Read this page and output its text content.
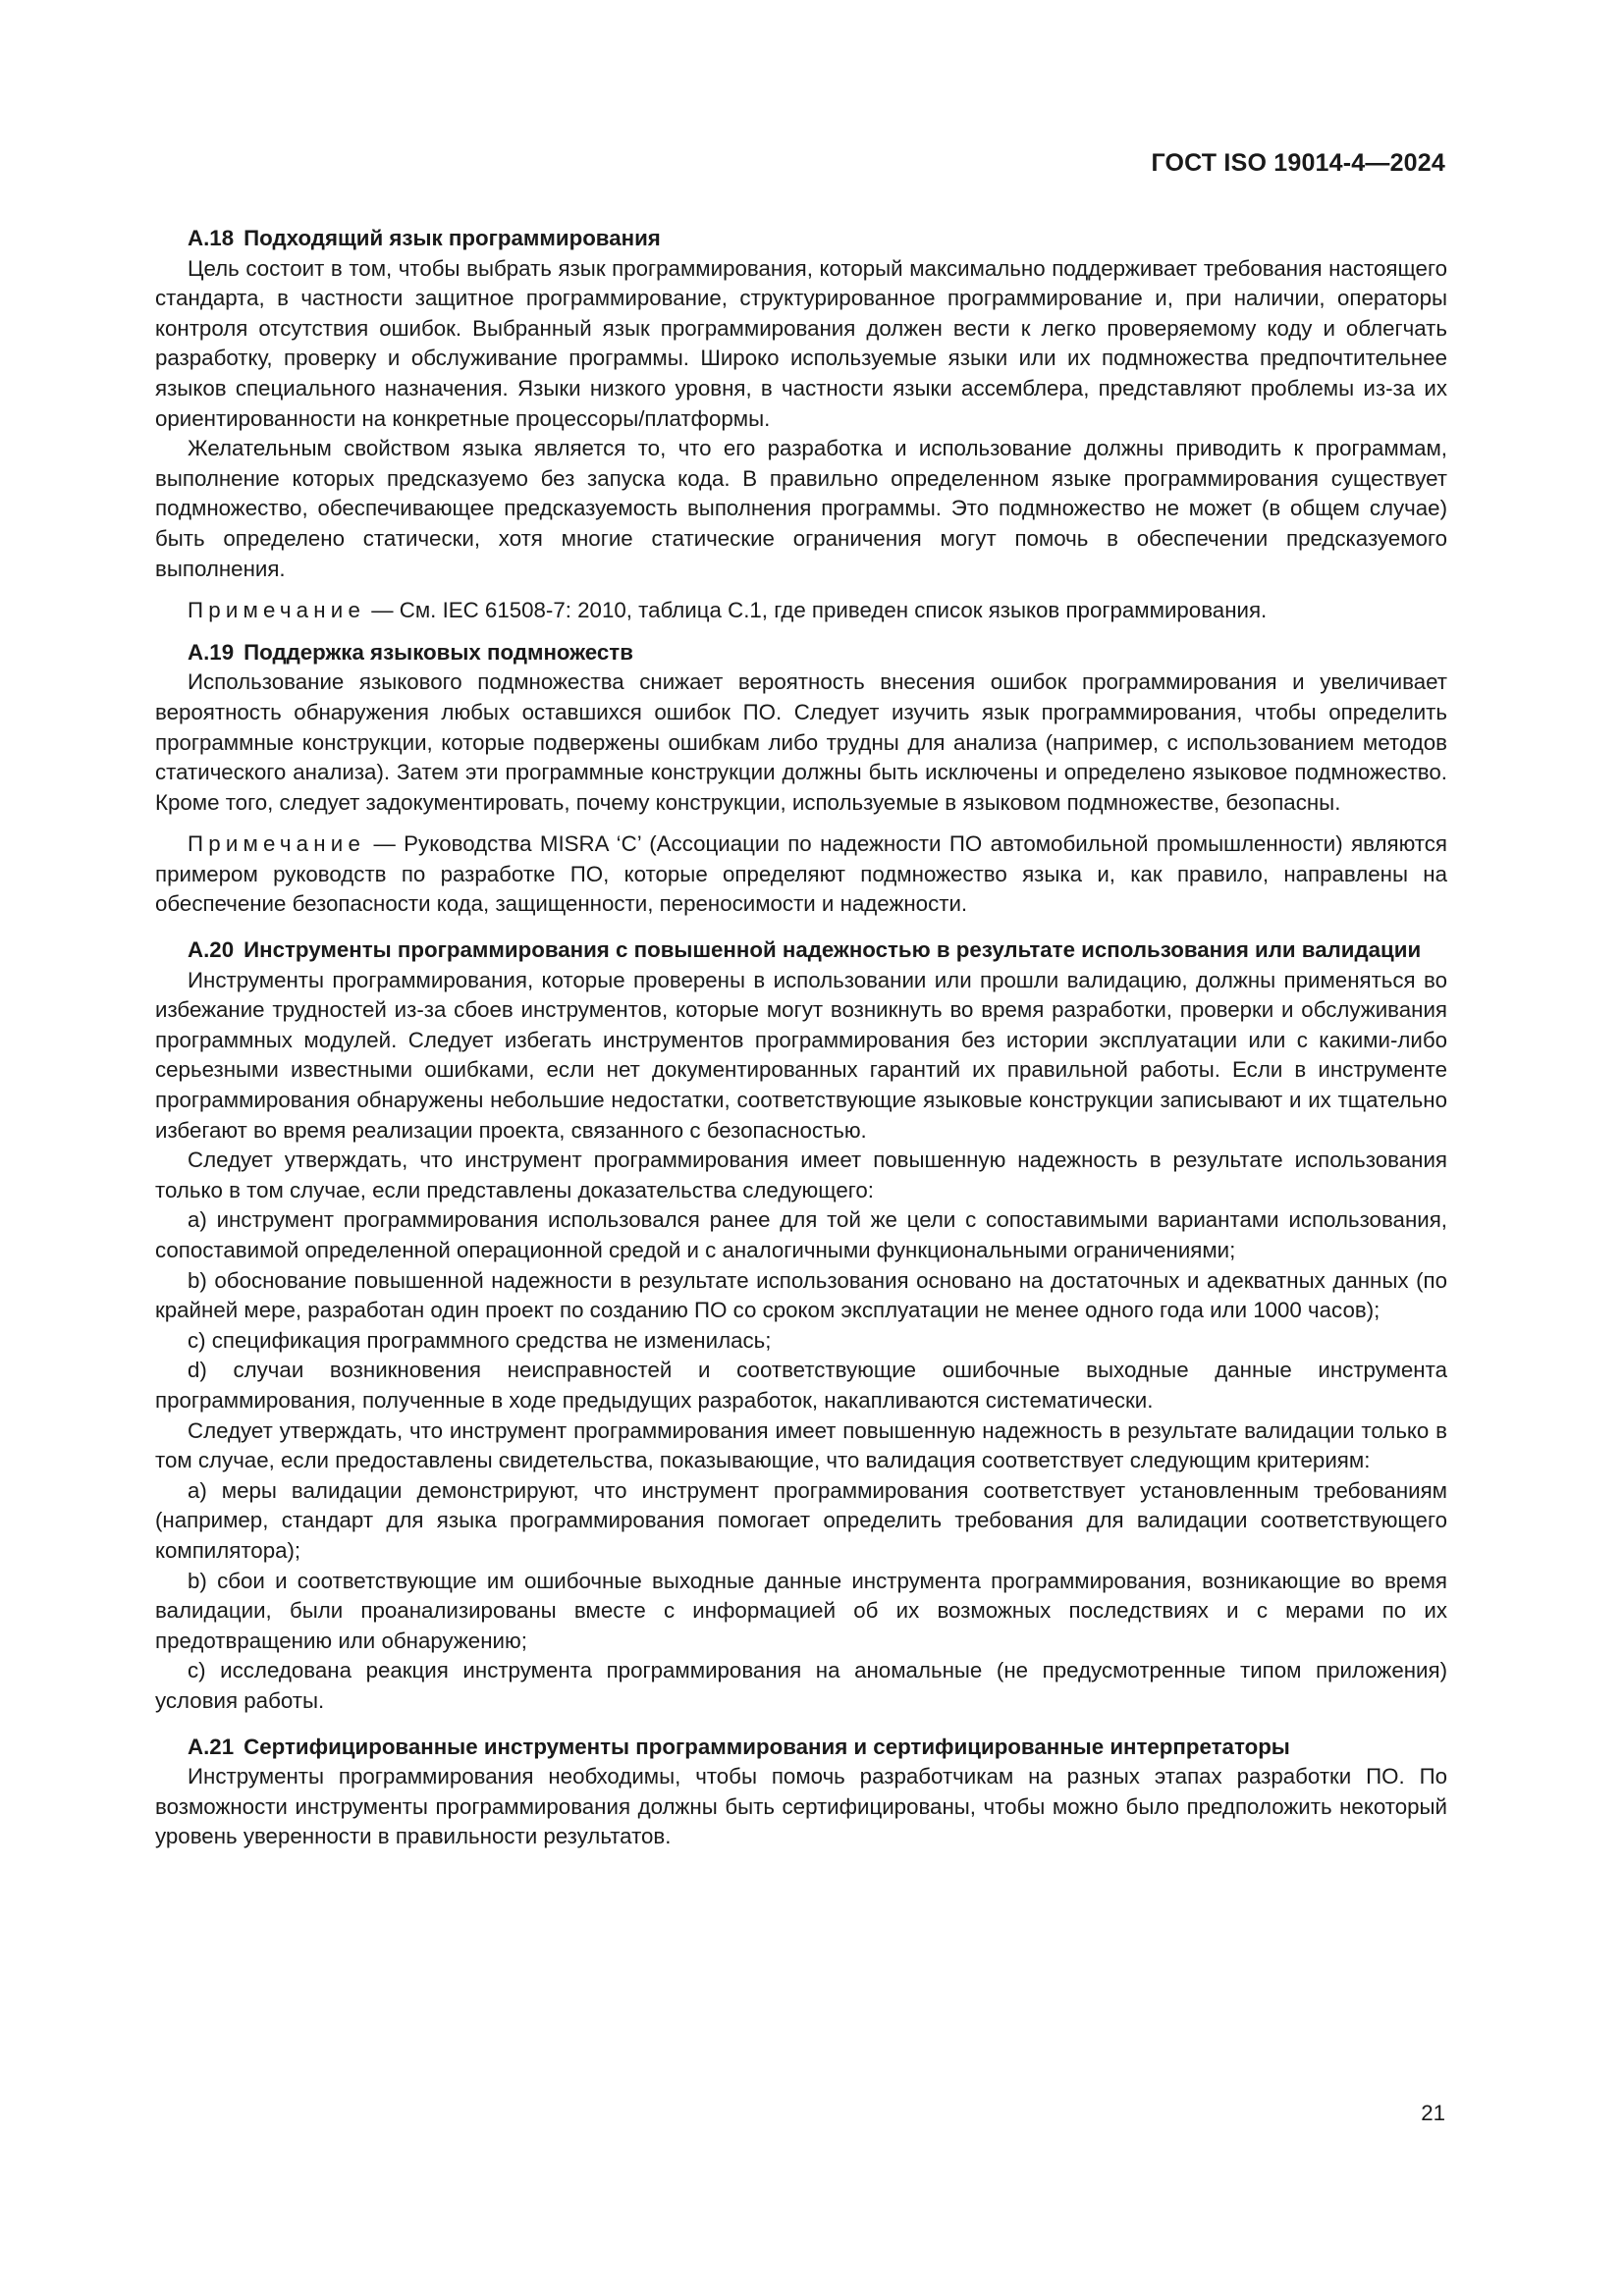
ГОСТ ISO 19014-4—2024
A.18 Подходящий язык программирования

Цель состоит в том, чтобы выбрать язык программирования, который максимально поддерживает требования настоящего стандарта, в частности защитное программирование, структурированное программирование и, при наличии, операторы контроля отсутствия ошибок. Выбранный язык программирования должен вести к легко проверяемому коду и облегчать разработку, проверку и обслуживание программы. Широко используемые языки или их подмножества предпочтительнее языков специального назначения. Языки низкого уровня, в частности языки ассемблера, представляют проблемы из-за их ориентированности на конкретные процессоры/платформы.

Желательным свойством языка является то, что его разработка и использование должны приводить к программам, выполнение которых предсказуемо без запуска кода. В правильно определенном языке программирования существует подмножество, обеспечивающее предсказуемость выполнения программы. Это подмножество не может (в общем случае) быть определено статически, хотя многие статические ограничения могут помочь в обеспечении предсказуемого выполнения.

Примечание — См. IEC 61508-7: 2010, таблица C.1, где приведен список языков программирования.

A.19 Поддержка языковых подмножеств

Использование языкового подмножества снижает вероятность внесения ошибок программирования и увеличивает вероятность обнаружения любых оставшихся ошибок ПО. Следует изучить язык программирования, чтобы определить программные конструкции, которые подвержены ошибкам либо трудны для анализа (например, с использованием методов статического анализа). Затем эти программные конструкции должны быть исключены и определено языковое подмножество. Кроме того, следует задокументировать, почему конструкции, используемые в языковом подмножестве, безопасны.

Примечание — Руководства MISRA ‘C’ (Ассоциации по надежности ПО автомобильной промышленности) являются примером руководств по разработке ПО, которые определяют подмножество языка и, как правило, направлены на обеспечение безопасности кода, защищенности, переносимости и надежности.

A.20 Инструменты программирования с повышенной надежностью в результате использования или валидации

Инструменты программирования, которые проверены в использовании или прошли валидацию, должны применяться во избежание трудностей из-за сбоев инструментов, которые могут возникнуть во время разработки, проверки и обслуживания программных модулей. Следует избегать инструментов программирования без истории эксплуатации или с какими-либо серьезными известными ошибками, если нет документированных гарантий их правильной работы. Если в инструменте программирования обнаружены небольшие недостатки, соответствующие языковые конструкции записывают и их тщательно избегают во время реализации проекта, связанного с безопасностью.

Следует утверждать, что инструмент программирования имеет повышенную надежность в результате использования только в том случае, если представлены доказательства следующего:

a) инструмент программирования использовался ранее для той же цели с сопоставимыми вариантами использования, сопоставимой определенной операционной средой и с аналогичными функциональными ограничениями;

b) обоснование повышенной надежности в результате использования основано на достаточных и адекватных данных (по крайней мере, разработан один проект по созданию ПО со сроком эксплуатации не менее одного года или 1000 часов);

c) спецификация программного средства не изменилась;

d) случаи возникновения неисправностей и соответствующие ошибочные выходные данные инструмента программирования, полученные в ходе предыдущих разработок, накапливаются систематически.

Следует утверждать, что инструмент программирования имеет повышенную надежность в результате валидации только в том случае, если предоставлены свидетельства, показывающие, что валидация соответствует следующим критериям:

a) меры валидации демонстрируют, что инструмент программирования соответствует установленным требованиям (например, стандарт для языка программирования помогает определить требования для валидации соответствующего компилятора);

b) сбои и соответствующие им ошибочные выходные данные инструмента программирования, возникающие во время валидации, были проанализированы вместе с информацией об их возможных последствиях и с мерами по их предотвращению или обнаружению;

c) исследована реакция инструмента программирования на аномальные (не предусмотренные типом приложения) условия работы.

A.21 Сертифицированные инструменты программирования и сертифицированные интерпретаторы

Инструменты программирования необходимы, чтобы помочь разработчикам на разных этапах разработки ПО. По возможности инструменты программирования должны быть сертифицированы, чтобы можно было предположить некоторый уровень уверенности в правильности результатов.

21
